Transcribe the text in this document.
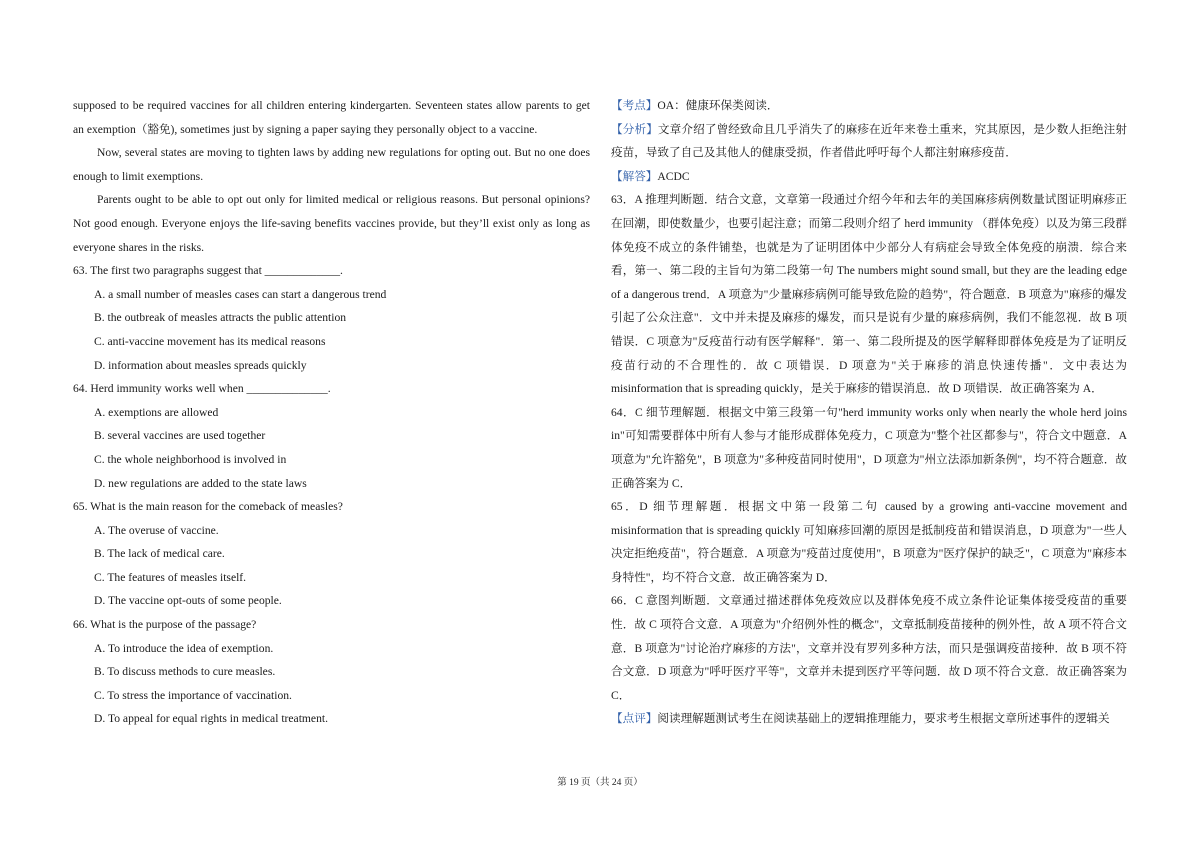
supposed to be required vaccines for all children entering kindergarten. Seventeen states allow parents to get an exemption（豁免), sometimes just by signing a paper saying they personally object to a vaccine.

Now, several states are moving to tighten laws by adding new regulations for opting out. But no one does enough to limit exemptions.

Parents ought to be able to opt out only for limited medical or religious reasons. But personal opinions? Not good enough. Everyone enjoys the life-saving benefits vaccines provide, but they’ll exist only as long as everyone shares in the risks.

63. The first two paragraphs suggest that _____________.

A. a small number of measles cases can start a dangerous trend

B. the outbreak of measles attracts the public attention

C. anti-vaccine movement has its medical reasons

D. information about measles spreads quickly

64. Herd immunity works well when ______________.

A. exemptions are allowed

B. several vaccines are used together

C. the whole neighborhood is involved in

D. new regulations are added to the state laws

65. What is the main reason for the comeback of measles?

A. The overuse of vaccine.

B. The lack of medical care.

C. The features of measles itself.

D. The vaccine opt-outs of some people.

66. What is the purpose of the passage?

A. To introduce the idea of exemption.

B. To discuss methods to cure measles.

C. To stress the importance of vaccination.

D. To appeal for equal rights in medical treatment.

【考点】OA：健康环保类阅读．

【分析】文章介绍了曾经致命且几乎消失了的麻疹在近年来卷土重来，究其原因，是少数人拒绝注射疫苗，导致了自己及其他人的健康受损，作者借此呼吁每个人都注射麻疹疫苗．

【解答】ACDC

63．A 推理判断题．结合文意，文章第一段通过介绍今年和去年的美国麻疹病例数量试图证明麻疹正在回潮，即使数量少，也要引起注意；而第二段则介绍了 herd immunity （群体免疫）以及为第三段群体免疫不成立的条件铺垫，也就是为了证明团体中少部分人有病症会导致全体免疫的崩溃．综合来看，第一、第二段的主旨句为第二段第一句 The numbers might sound small, but they are the leading edge of a dangerous trend．A 项意为"少量麻疹病例可能导致危险的趋势"，符合题意．B 项意为"麻疹的爆发引起了公众注意"．文中并未提及麻疹的爆发，而只是说有少量的麻疹病例，我们不能忽视．故 B 项错误．C 项意为"反疫苗行动有医学解释"．第一、第二段所提及的医学解释即群体免疫是为了证明反疫苗行动的不合理性的．故 C 项错误．D 项意为"关于麻疹的消息快速传播"．文中表达为 misinformation that is spreading quickly，是关于麻疹的错误消息．故 D 项错误．故正确答案为 A．

64．C 细节理解题．根据文中第三段第一句"herd immunity works only when nearly the whole herd joins in"可知需要群体中所有人参与才能形成群体免疫力，C 项意为"整个社区都参与"，符合文中题意．A 项意为"允许豁免"，B 项意为"多种疫苗同时使用"，D 项意为"州立法添加新条例"，均不符合题意．故正确答案为 C．

65．D 细节理解题．根据文中第一段第二句 caused by a growing anti-vaccine movement and misinformation that is spreading quickly 可知麻疹回潮的原因是抵制疫苗和错误消息，D 项意为"一些人决定拒绝疫苗"，符合题意．A 项意为"疫苗过度使用"，B 项意为"医疗保护的缺乏"，C 项意为"麻疹本身特性"，均不符合文意．故正确答案为 D．

66．C 意图判断题．文章通过描述群体免疫效应以及群体免疫不成立条件论证集体接受疫苗的重要性．故 C 项符合文意．A 项意为"介绍例外性的概念"，文章抵制疫苗接种的例外性，故 A 项不符合文意．B 项意为"讨论治疗麻疹的方法"，文章并没有罗列多种方法，而只是强调疫苗接种．故 B 项不符合文意．D 项意为"呼吁医疗平等"，文章并未提到医疗平等问题．故 D 项不符合文意．故正确答案为 C．

【点评】阅读理解题测试考生在阅读基础上的逻辑推理能力，要求考生根据文章所述事件的逻辑关

第 19 页（共 24 页）
